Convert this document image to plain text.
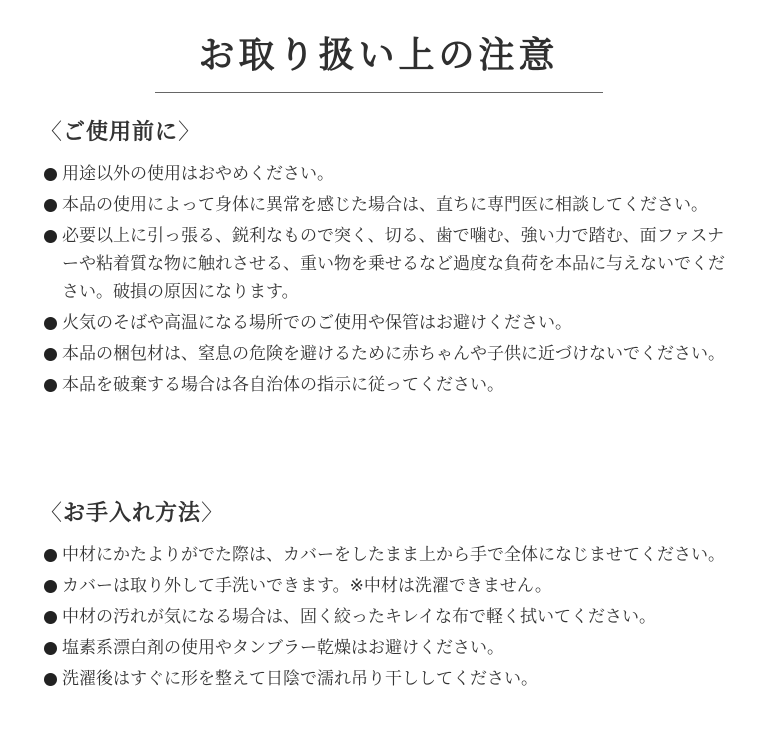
お取り扱い上の注意
〈ご使用前に〉
用途以外の使用はおやめください。
本品の使用によって身体に異常を感じた場合は、直ちに専門医に相談してください。
必要以上に引っ張る、鋭利なもので突く、切る、歯で噛む、強い力で踏む、面ファスナーや粘着質な物に触れさせる、重い物を乗せるなど過度な負荷を本品に与えないでください。破損の原因になります。
火気のそばや高温になる場所でのご使用や保管はお避けください。
本品の梱包材は、窒息の危険を避けるために赤ちゃんや子供に近づけないでください。
本品を破棄する場合は各自治体の指示に従ってください。
〈お手入れ方法〉
中材にかたよりがでた際は、カバーをしたまま上から手で全体になじませてください。
カバーは取り外して手洗いできます。※中材は洗濯できません。
中材の汚れが気になる場合は、固く絞ったキレイな布で軽く拭いてください。
塩素系漂白剤の使用やタンブラー乾燥はお避けください。
洗濯後はすぐに形を整えて日陰で濡れ吊り干ししてください。
